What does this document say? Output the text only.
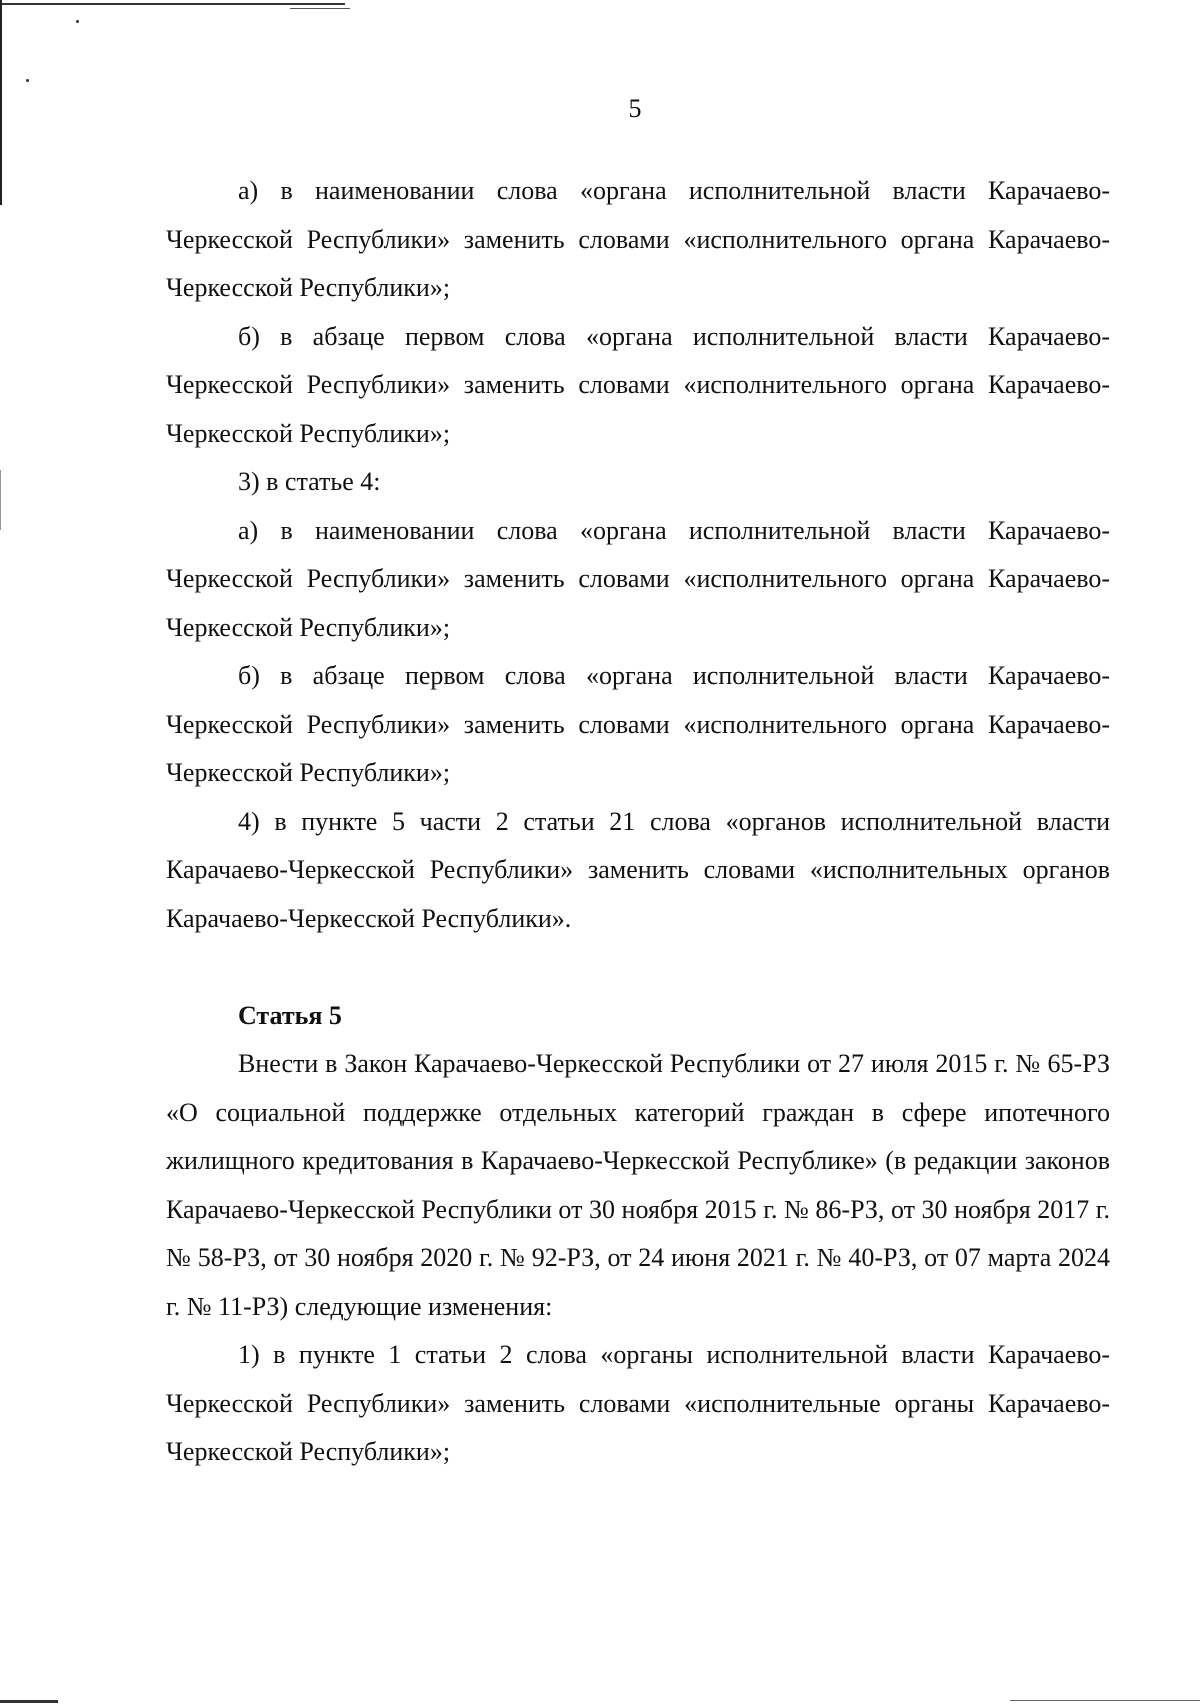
5

а) в наименовании слова «органа исполнительной власти Карачаево-Черкесской Республики» заменить словами «исполнительного органа Карачаево-Черкесской Республики»;

б) в абзаце первом слова «органа исполнительной власти Карачаево-Черкесской Республики» заменить словами «исполнительного органа Карачаево-Черкесской Республики»;

3) в статье 4:

а) в наименовании слова «органа исполнительной власти Карачаево-Черкесской Республики» заменить словами «исполнительного органа Карачаево-Черкесской Республики»;

б) в абзаце первом слова «органа исполнительной власти Карачаево-Черкесской Республики» заменить словами «исполнительного органа Карачаево-Черкесской Республики»;

4) в пункте 5 части 2 статьи 21 слова «органов исполнительной власти Карачаево-Черкесской Республики» заменить словами «исполнительных органов Карачаево-Черкесской Республики».

Статья 5

Внести в Закон Карачаево-Черкесской Республики от 27 июля 2015 г. № 65-РЗ «О социальной поддержке отдельных категорий граждан в сфере ипотечного жилищного кредитования в Карачаево-Черкесской Республике» (в редакции законов Карачаево-Черкесской Республики от 30 ноября 2015 г. № 86-РЗ, от 30 ноября 2017 г. № 58-РЗ, от 30 ноября 2020 г. № 92-РЗ, от 24 июня 2021 г. № 40-РЗ, от 07 марта 2024 г. № 11-РЗ) следующие изменения:

1) в пункте 1 статьи 2 слова «органы исполнительной власти Карачаево-Черкесской Республики» заменить словами «исполнительные органы Карачаево-Черкесской Республики»;
